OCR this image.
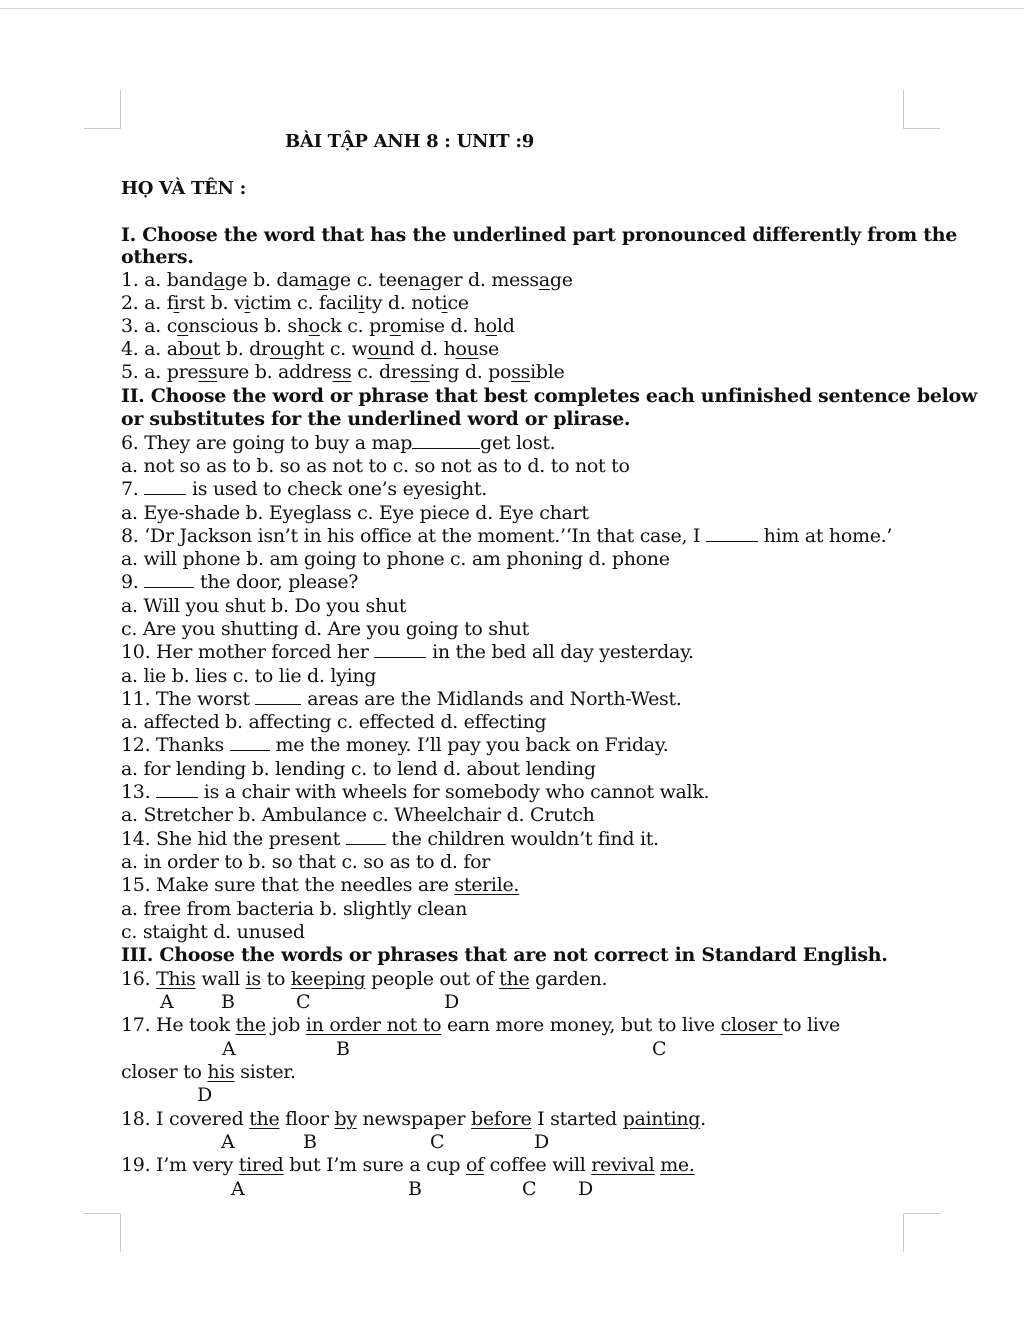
BÀI TẬP ANH 8 : UNIT :9
HỌ VÀ TÊN :
I. Choose the word that has the underlined part pronounced differently from the
others.
1. a. bandage b. damage c. teenager d. message
2. a. first b. victim c. facility d. notice
3. a. conscious b. shock c. promise d. hold
4. a. about b. drought c. wound d. house
5. a. pressure b. address c. dressing d. possible
II. Choose the word or phrase that best completes each unfinished sentence below
or substitutes for the underlined word or plirase.
6. They are going to buy a map	get lost.
a. not so as to b. so as not to c. so not as to d. to not to
7.  is used to check one’s eyesight.
a. Eye-shade b. Eyeglass c. Eye piece d. Eye chart
8. ‘Dr Jackson isn’t in his office at the moment.’‘In that case, I	him at home.’
a. will phone b. am going to phone c. am phoning d. phone
9.	the door, please?
a. Will you shut b. Do you shut
c. Are you shutting d. Are you going to shut
10. Her mother forced her	in the bed all day yesterday.
a. lie b. lies c. to lie d. lying
11. The worst  areas are the Midlands and North-West.
a. affected b. affecting c. effected d. effecting
12. Thanks  me the money. I’ll pay you back on Friday.
a. for lending b. lending c. to lend d. about lending
13.  is a chair with wheels for somebody who cannot walk.
a. Stretcher b. Ambulance c. Wheelchair d. Crutch
14. She hid the present  the children wouldn’t find it.
a. in order to b. so that c. so as to d. for
15. Make sure that the needles are sterile.
a. free from bacteria b. slightly clean
c. staight d. unused
III. Choose the words or phrases that are not correct in Standard English.
16. This wall is to keeping people out of the garden.
A B	C	D
17. He took the job in order not to earn more money, but to live closer to live
A	B	C
closer to his sister.
D
18. I covered the floor by newspaper before I started painting.
A	B	C	D
19. I’m very tired but I’m sure a cup of coffee will revival me.
A	B	C D
